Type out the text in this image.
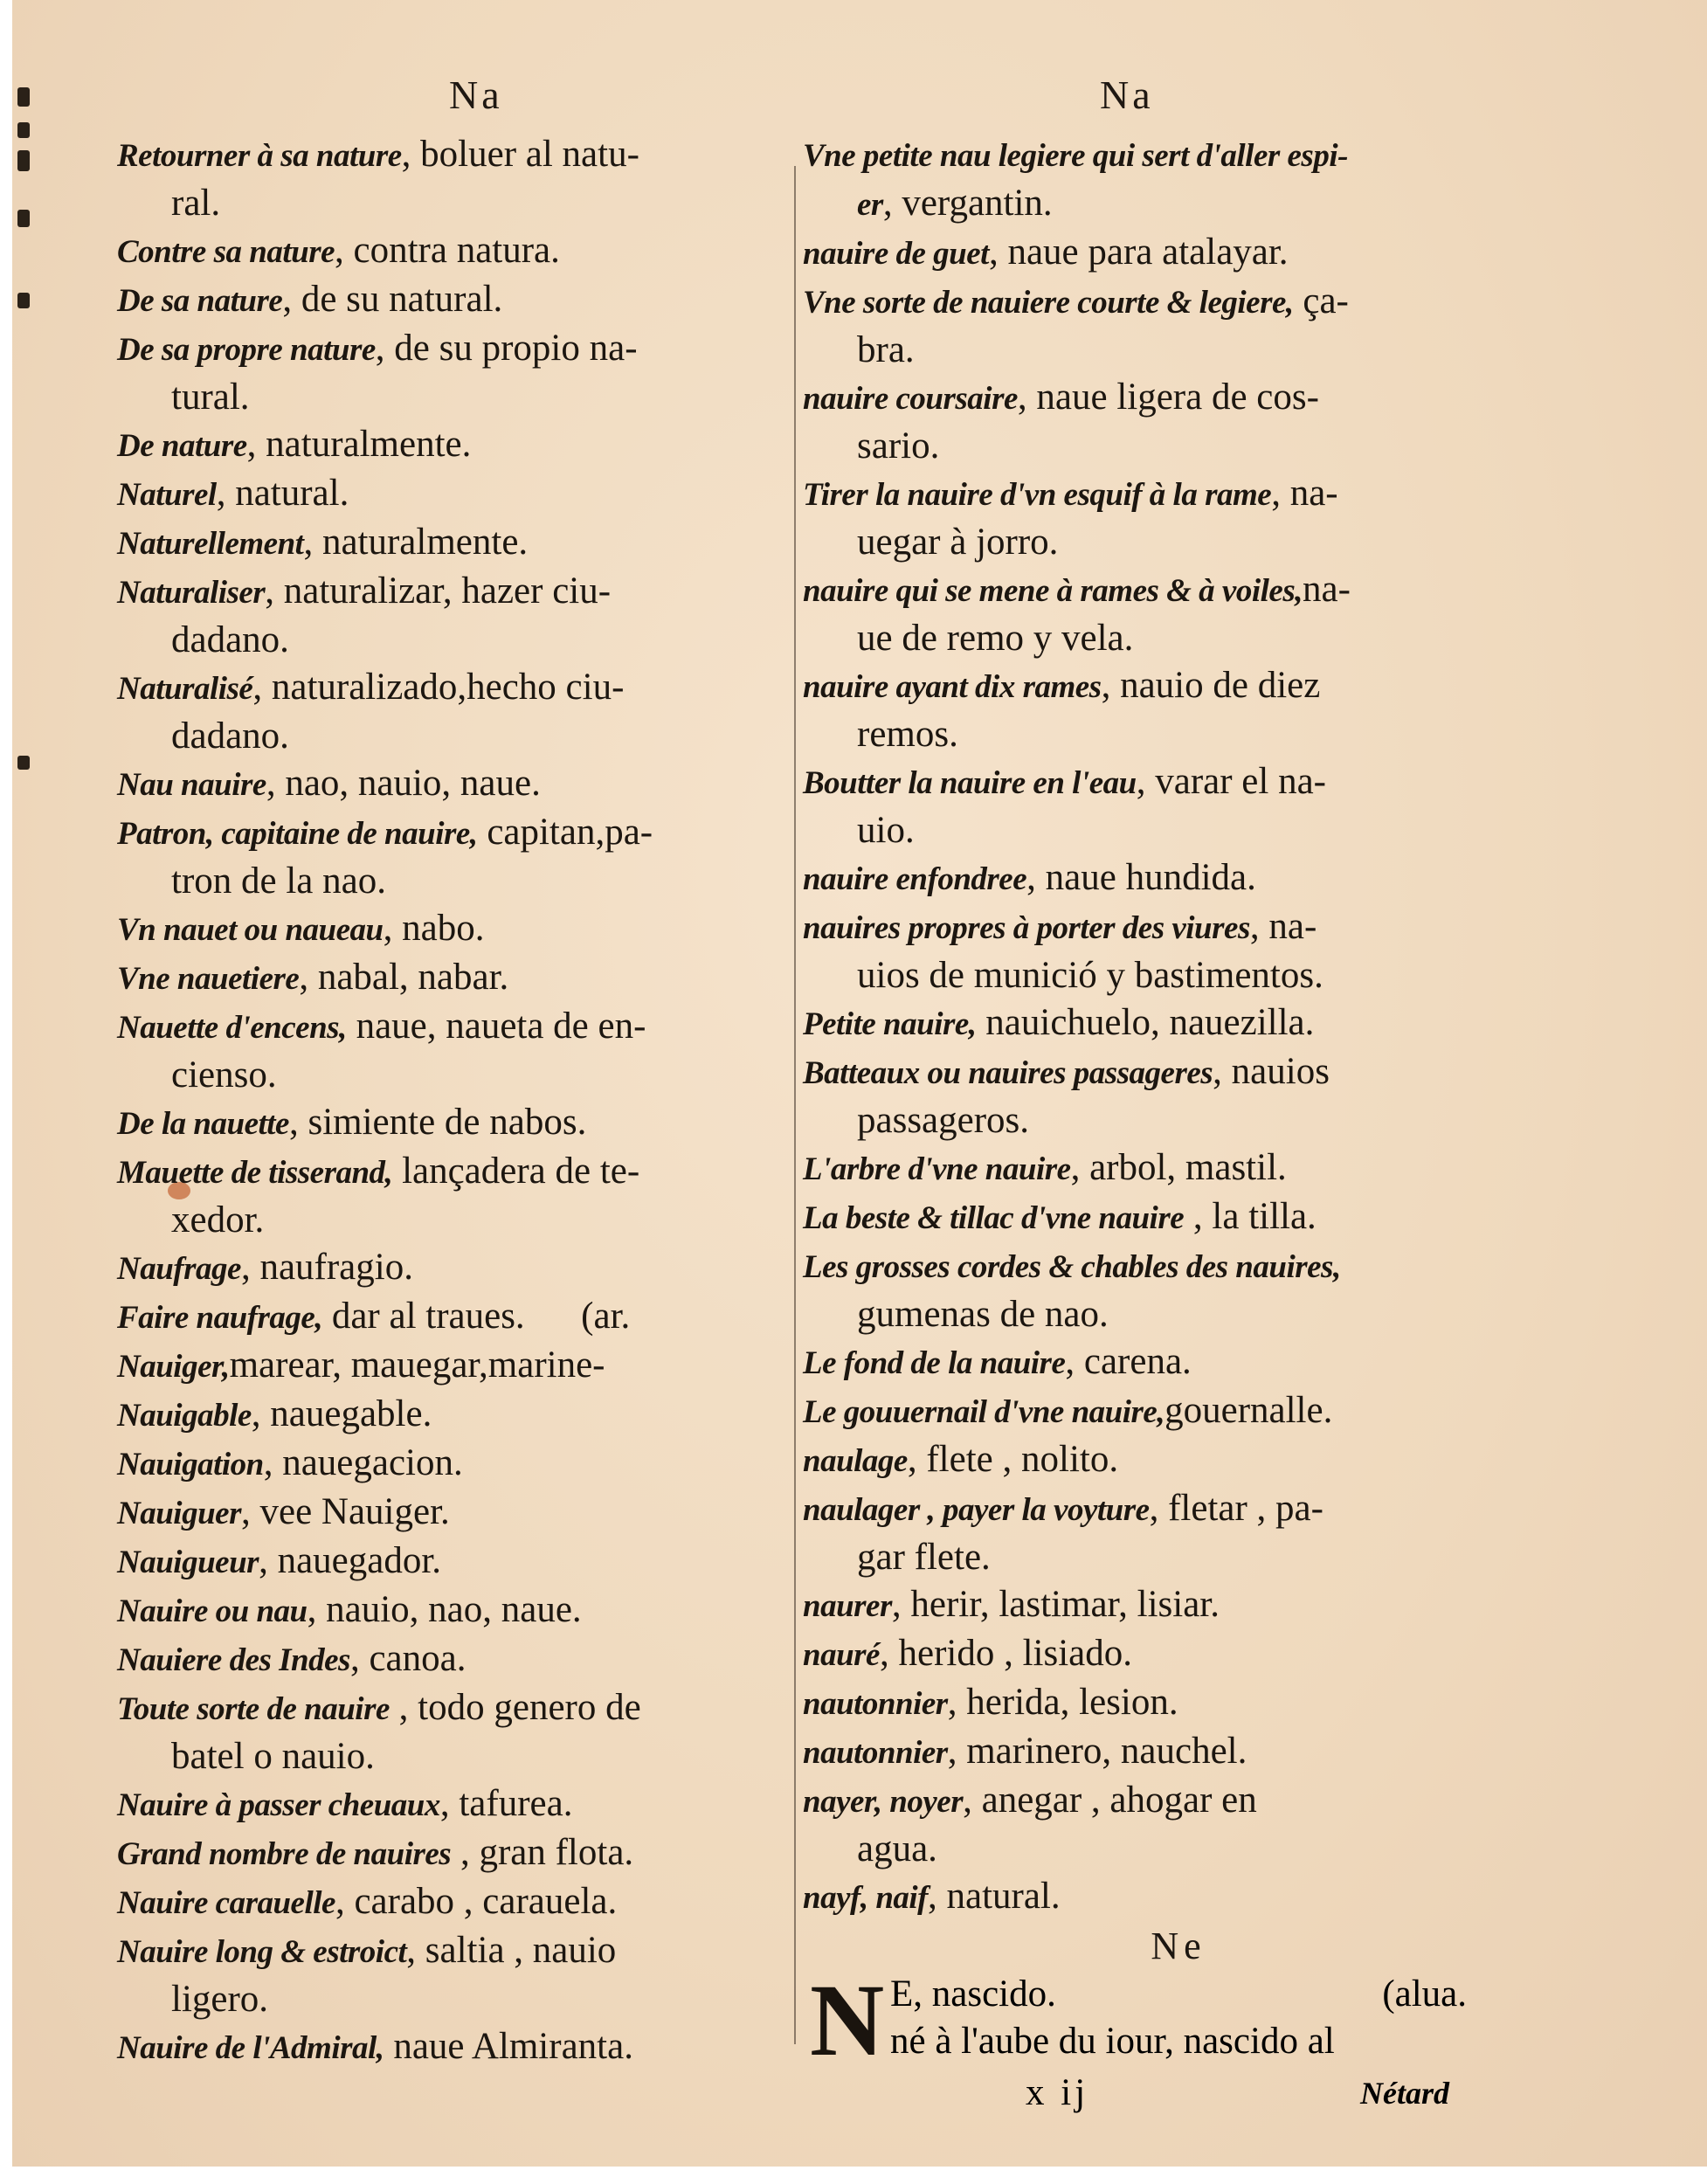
Na
Retourner à sa nature, boluer al natu-
ral.
Contre sa nature, contra natura.
De sa nature, de su natural.
De sa propre nature, de su propio na-
tural.
De nature, naturalmente.
Naturel, natural.
Naturellement, naturalmente.
Naturaliser, naturalizar, hazer ciu-
dadano.
Naturalisé, naturalizado,hecho ciu-
dadano.
Nau nauire, nao, nauio, naue.
Patron, capitaine de nauire, capitan,pa-
tron de la nao.
Vn nauet ou naueau, nabo.
Vne nauetiere, nabal, nabar.
Nauette d'encens, naue, naueta de en-
cienso.
De la nauette, simiente de nabos.
Mauette de tisserand, lançadera de te-
xedor.
Naufrage, naufragio.
Faire naufrage, dar al traues.      (ar.
Nauiger,marear, mauegar,marine-
Nauigable, nauegable.
Nauigation, nauegacion.
Nauiguer, vee Nauiger.
Nauigueur, nauegador.
Nauire ou nau, nauio, nao, naue.
Nauiere des Indes, canoa.
Toute sorte de nauire , todo genero de
batel o nauio.
Nauire à passer cheuaux, tafurea.
Grand nombre de nauires , gran flota.
Nauire carauelle, carabo , carauela.
Nauire long & estroict, saltia , nauio
ligero.
Nauire de l'Admiral, naue Almiranta.
Na
Vne petite nau legiere qui sert d'aller espi-
er, vergantin.
nauire de guet, naue para atalayar.
Vne sorte de nauiere courte & legiere, ça-
bra.
nauire coursaire, naue ligera de cos-
sario.
Tirer la nauire d'vn esquif à la rame, na-
uegar à jorro.
nauire qui se mene à rames & à voiles,na-
ue de remo y vela.
nauire ayant dix rames, nauio de diez
remos.
Boutter la nauire en l'eau, varar el na-
uio.
nauire enfondree, naue hundida.
nauires propres à porter des viures, na-
uios de munició y bastimentos.
Petite nauire, nauichuelo, nauezilla.
Batteaux ou nauires passageres, nauios
passageros.
L'arbre d'vne nauire, arbol, mastil.
La beste & tillac d'vne nauire , la tilla.
Les grosses cordes & chables des nauires,
gumenas de nao.
Le fond de la nauire, carena.
Le gouuernail d'vne nauire,gouernalle.
naulage, flete , nolito.
naulager , payer la voyture, fletar , pa-
gar flete.
naurer, herir, lastimar, lisiar.
nauré, herido , lisiado.
nautonnier, herida, lesion.
nautonnier, marinero, nauchel.
nayer, noyer, anegar , ahogar en
agua.
nayf, naif, natural.
Ne
N E, nascido.	(alua.
né à l'aube du iour, nascido al
x ij	Nétard
